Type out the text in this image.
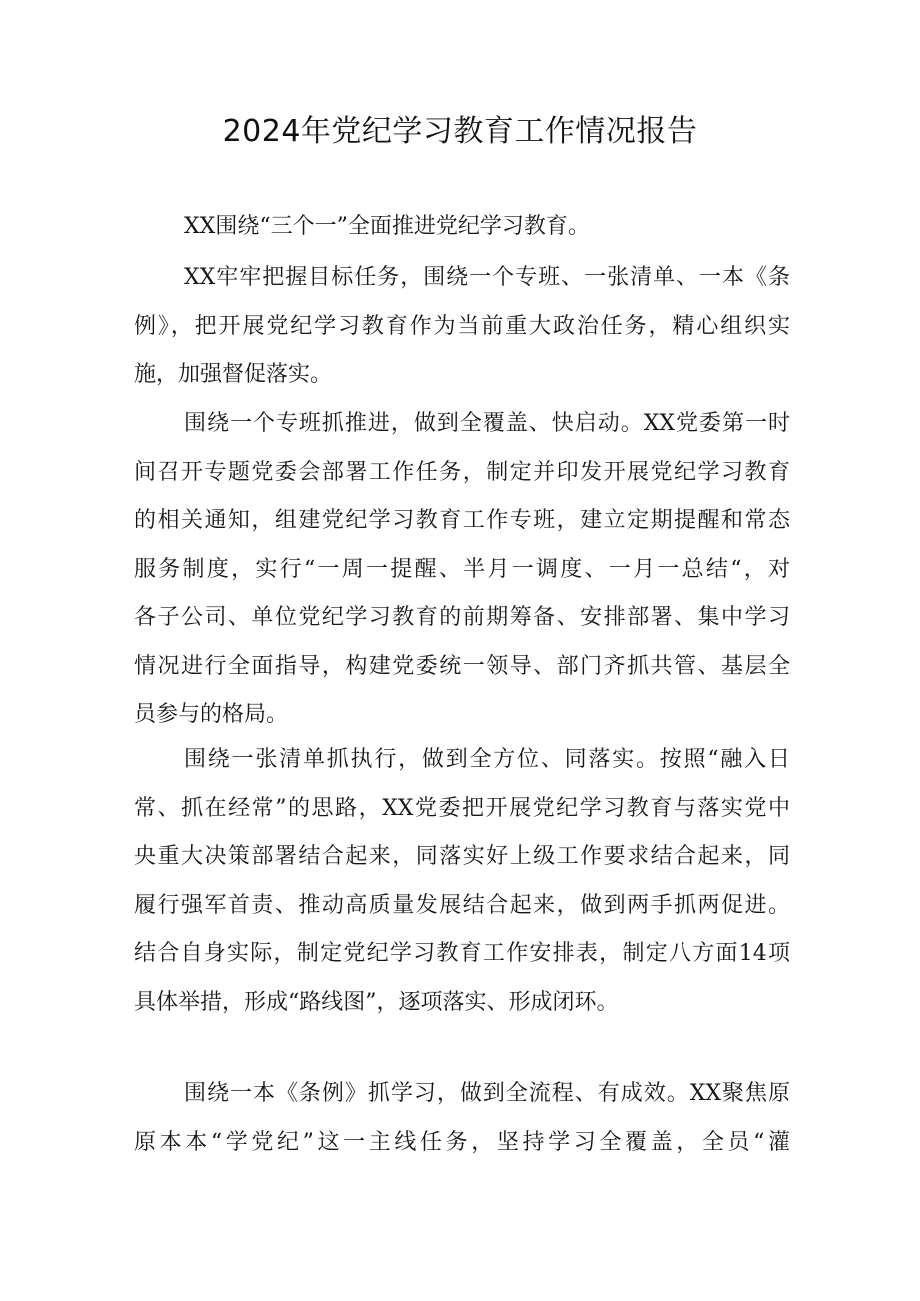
2024年党纪学习教育工作情况报告
XX围绕“三个一”全面推进党纪学习教育。
XX牢牢把握目标任务，围绕一个专班、一张清单、一本《条
例》，把开展党纪学习教育作为当前重大政治任务，精心组织实
施，加强督促落实。
围绕一个专班抓推进，做到全覆盖、快启动。XX党委第一时
间召开专题党委会部署工作任务，制定并印发开展党纪学习教育
的相关通知，组建党纪学习教育工作专班，建立定期提醒和常态
服务制度，实行“一周一提醒、半月一调度、一月一总结“，对
各子公司、单位党纪学习教育的前期筹备、安排部署、集中学习
情况进行全面指导，构建党委统一领导、部门齐抓共管、基层全
员参与的格局。
围绕一张清单抓执行，做到全方位、同落实。按照“融入日
常、抓在经常”的思路，XX党委把开展党纪学习教育与落实党中
央重大决策部署结合起来，同落实好上级工作要求结合起来，同
履行强军首责、推动高质量发展结合起来，做到两手抓两促进。
结合自身实际，制定党纪学习教育工作安排表，制定八方面14项
具体举措，形成“路线图”，逐项落实、形成闭环。
围绕一本《条例》抓学习，做到全流程、有成效。XX聚焦原
原本本“学党纪”这一主线任务，坚持学习全覆盖，全员“灌
